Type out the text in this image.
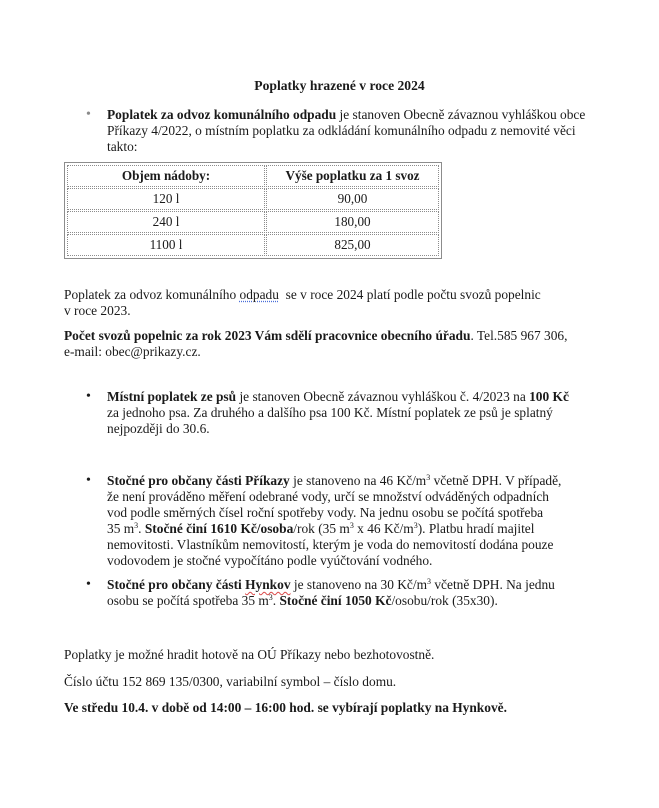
Poplatky hrazené v roce 2024
• Poplatek za odvoz komunálního odpadu je stanoven Obecně závaznou vyhláškou obce
Příkazy 4/2022, o místním poplatku za odkládání komunálního odpadu z nemovité věci
takto:
Objem nádoby:	Výše poplatku za 1 svoz
120 l	90,00
240 l	180,00
1100 l	825,00
Poplatek za odvoz komunálního odpadu  se v roce 2024 platí podle počtu svozů popelnic
v roce 2023.
Počet svozů popelnic za rok 2023 Vám sdělí pracovnice obecního úřadu. Tel.585 967 306,
e-mail: obec@prikazy.cz.
• Místní poplatek ze psů je stanoven Obecně závaznou vyhláškou č. 4/2023 na 100 Kč
za jednoho psa. Za druhého a dalšího psa 100 Kč. Místní poplatek ze psů je splatný
nejpozději do 30.6.
• Stočné pro občany části Příkazy je stanoveno na 46 $Kč/m^3$ včetně DPH. V případě,
že není prováděno měření odebrané vody, určí se množství odváděných odpadních
vod podle směrných čísel roční spotřeby vody. Na jednu osobu se počítá spotřeba
35 $m^3$. Stočné činí 1610 Kč/osoba/rok (35 $m^3$ x 46 $Kč/m^3$). Platbu hradí majitel
nemovitosti. Vlastníkům nemovitostí, kterým je voda do nemovitostí dodána pouze
vodovodem je stočné vypočítáno podle vyúčtování vodného.
• Stočné pro občany části Hynkov je stanoveno na 30 $Kč/m^3$ včetně DPH. Na jednu
osobu se počítá spotřeba 35 $m^3$. Stočné činí 1050 Kč/osobu/rok (35x30).
Poplatky je možné hradit hotově na OÚ Příkazy nebo bezhotovostně.
Číslo účtu 152 869 135/0300, variabilní symbol – číslo domu.
Ve středu 10.4. v době od 14:00 – 16:00 hod. se vybírají poplatky na Hynkově.
